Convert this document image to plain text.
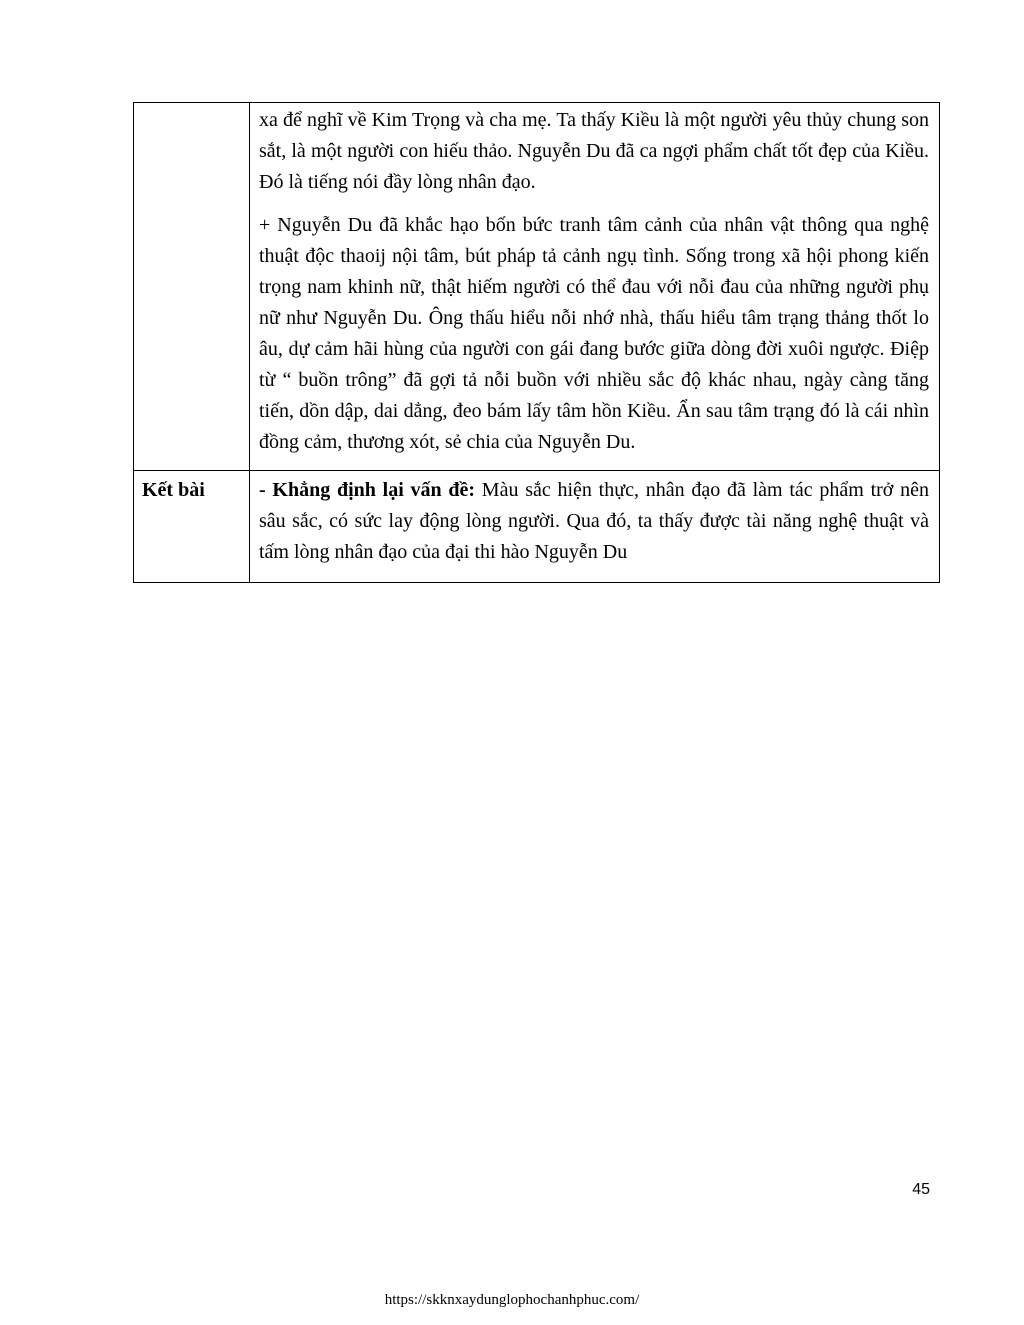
	xa để nghĩ về Kim Trọng và cha mẹ. Ta thấy Kiều là một người yêu thủy chung son sắt, là một người con hiếu thảo. Nguyễn Du đã ca ngợi phẩm chất tốt đẹp của Kiều. Đó là tiếng nói đầy lòng nhân đạo.

+ Nguyễn Du đã khắc hạo bốn bức tranh tâm cảnh của nhân vật thông qua nghệ thuật độc thaoij nội tâm, bút pháp tả cảnh ngụ tình. Sống trong xã hội phong kiến trọng nam khinh nữ, thật hiếm người có thể đau với nỗi đau của những người phụ nữ như Nguyễn Du. Ông thấu hiểu nỗi nhớ nhà, thấu hiểu tâm trạng thảng thốt lo âu, dự cảm hãi hùng của người con gái đang bước giữa dòng đời xuôi ngược. Điệp từ “ buồn trông” đã gợi tả nỗi buồn với nhiều sắc độ khác nhau, ngày càng tăng tiến, dồn dập, dai dẳng, đeo bám lấy tâm hồn Kiều. Ẩn sau tâm trạng đó là cái nhìn đồng cảm, thương xót, sẻ chia của Nguyễn Du.

Kết bài	- Khẳng định lại vấn đề: Màu sắc hiện thực, nhân đạo đã làm tác phẩm trở nên sâu sắc, có sức lay động lòng người. Qua đó, ta thấy được tài năng nghệ thuật và tấm lòng nhân đạo của đại thi hào Nguyễn Du

45
https://skknxaydunglophochanhphuc.com/
